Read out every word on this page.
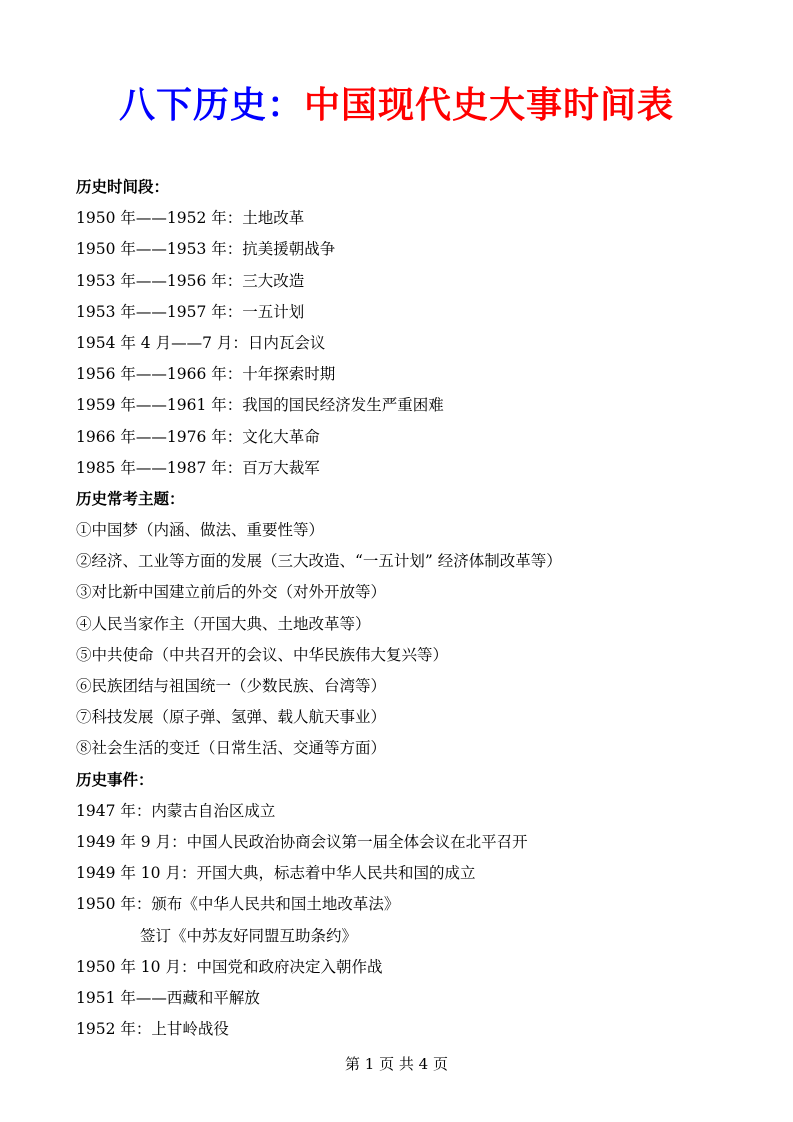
八下历史：中国现代史大事时间表
历史时间段：
1950 年——1952 年：土地改革
1950 年——1953 年：抗美援朝战争
1953 年——1956 年：三大改造
1953 年——1957 年：一五计划
1954 年 4 月——7 月：日内瓦会议
1956 年——1966 年：十年探索时期
1959 年——1961 年：我国的国民经济发生严重困难
1966 年——1976 年：文化大革命
1985 年——1987 年：百万大裁军
历史常考主题：
①中国梦（内涵、做法、重要性等）
②经济、工业等方面的发展（三大改造、“一五计划” 经济体制改革等）
③对比新中国建立前后的外交（对外开放等）
④人民当家作主（开国大典、土地改革等）
⑤中共使命（中共召开的会议、中华民族伟大复兴等）
⑥民族团结与祖国统一（少数民族、台湾等）
⑦科技发展（原子弹、氢弹、载人航天事业）
⑧社会生活的变迁（日常生活、交通等方面）
历史事件：
1947 年：内蒙古自治区成立
1949 年 9 月：中国人民政治协商会议第一届全体会议在北平召开
1949 年 10 月：开国大典，标志着中华人民共和国的成立
1950 年：颁布《中华人民共和国土地改革法》
签订《中苏友好同盟互助条约》
1950 年 10 月：中国党和政府决定入朝作战
1951 年——西藏和平解放
1952 年：上甘岭战役
第 1 页 共 4 页
